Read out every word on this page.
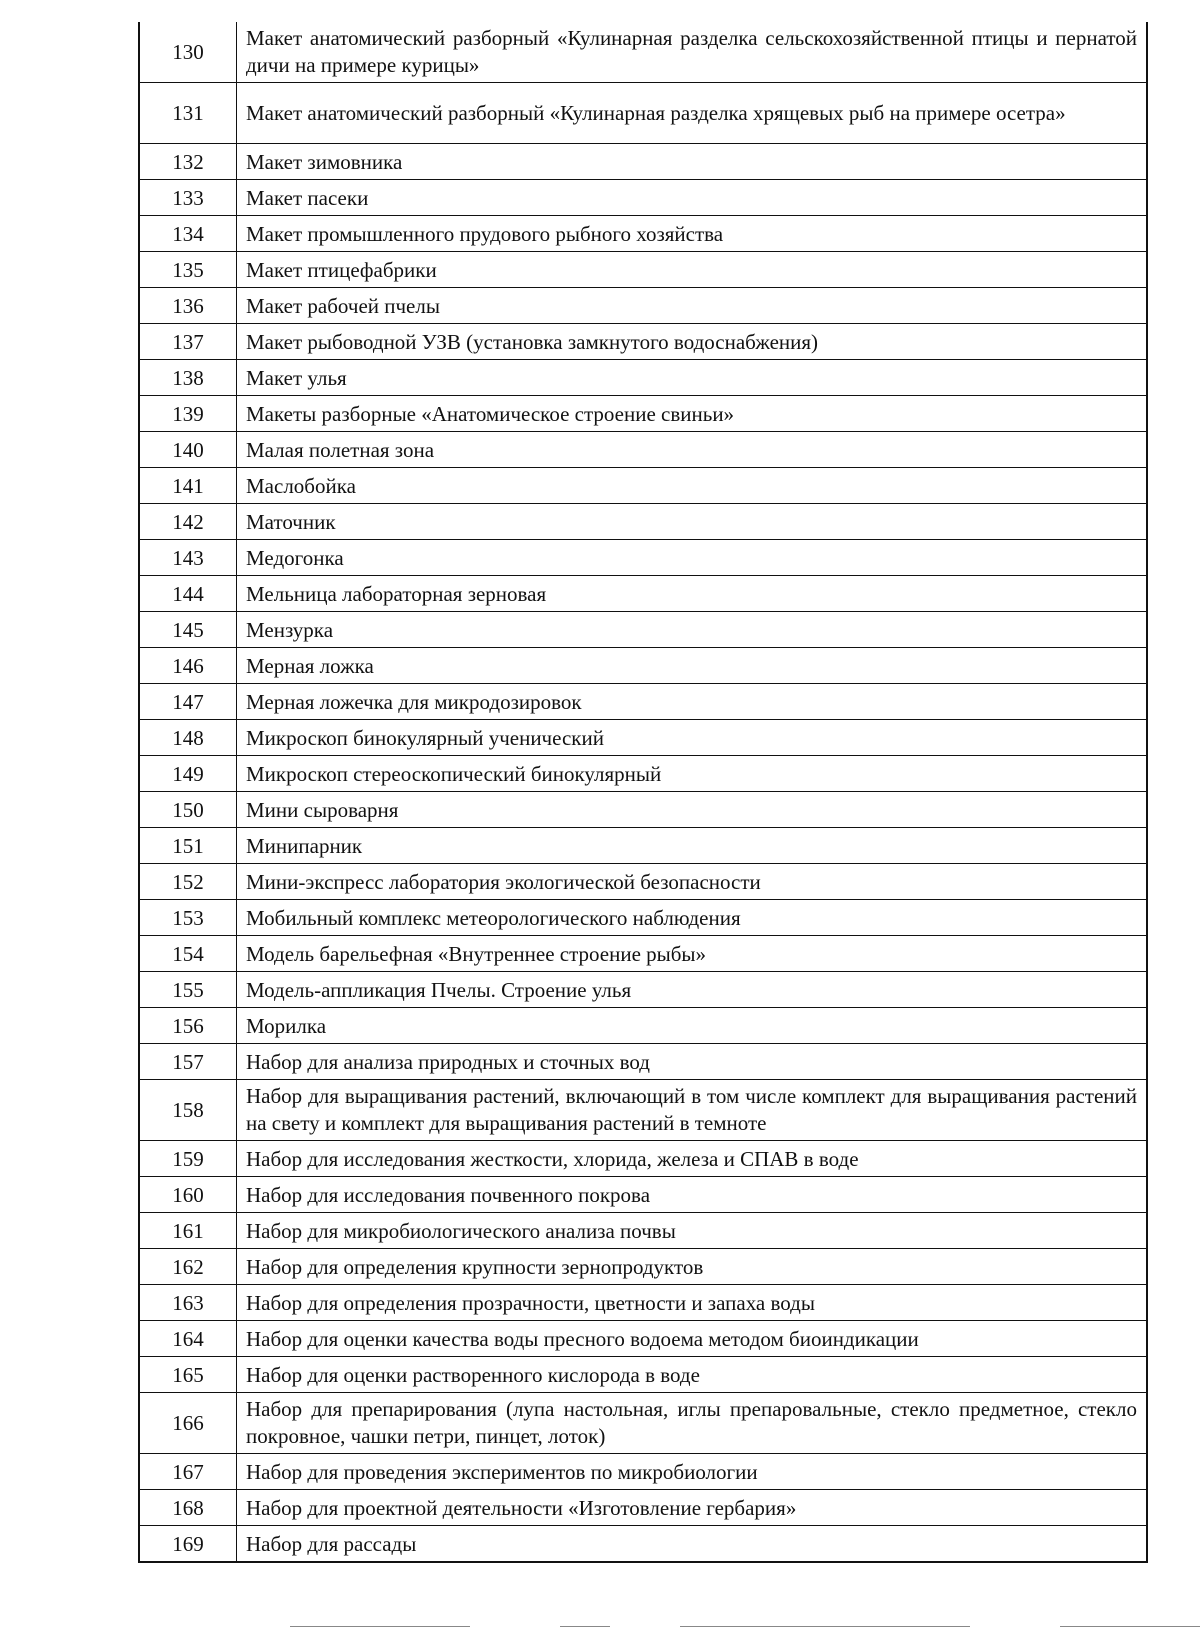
130	Макет анатомический разборный «Кулинарная разделка сельскохозяйственной птицы и пернатой дичи на примере курицы»
131	Макет анатомический разборный «Кулинарная разделка хрящевых рыб на примере осетра»
132	Макет зимовника
133	Макет пасеки
134	Макет промышленного прудового рыбного хозяйства
135	Макет птицефабрики
136	Макет рабочей пчелы
137	Макет рыбоводной УЗВ (установка замкнутого водоснабжения)
138	Макет улья
139	Макеты разборные «Анатомическое строение свиньи»
140	Малая полетная зона
141	Маслобойка
142	Маточник
143	Медогонка
144	Мельница лабораторная зерновая
145	Мензурка
146	Мерная ложка
147	Мерная ложечка для микродозировок
148	Микроскоп бинокулярный ученический
149	Микроскоп стереоскопический бинокулярный
150	Мини сыроварня
151	Минипарник
152	Мини-экспресс лаборатория экологической безопасности
153	Мобильный комплекс метеорологического наблюдения
154	Модель барельефная «Внутреннее строение рыбы»
155	Модель-аппликация Пчелы. Строение улья
156	Морилка
157	Набор для анализа природных и сточных вод
158	Набор для выращивания растений, включающий в том числе комплект для выращивания растений на свету и комплект для выращивания растений в темноте
159	Набор для исследования жесткости, хлорида, железа и СПАВ в воде
160	Набор для исследования почвенного покрова
161	Набор для микробиологического анализа почвы
162	Набор для определения крупности зернопродуктов
163	Набор для определения прозрачности, цветности и запаха воды
164	Набор для оценки качества воды пресного водоема методом биоиндикации
165	Набор для оценки растворенного кислорода в воде
166	Набор для препарирования (лупа настольная, иглы препаровальные, стекло предметное, стекло покровное, чашки петри, пинцет, лоток)
167	Набор для проведения экспериментов по микробиологии
168	Набор для проектной деятельности «Изготовление гербария»
169	Набор для рассады
